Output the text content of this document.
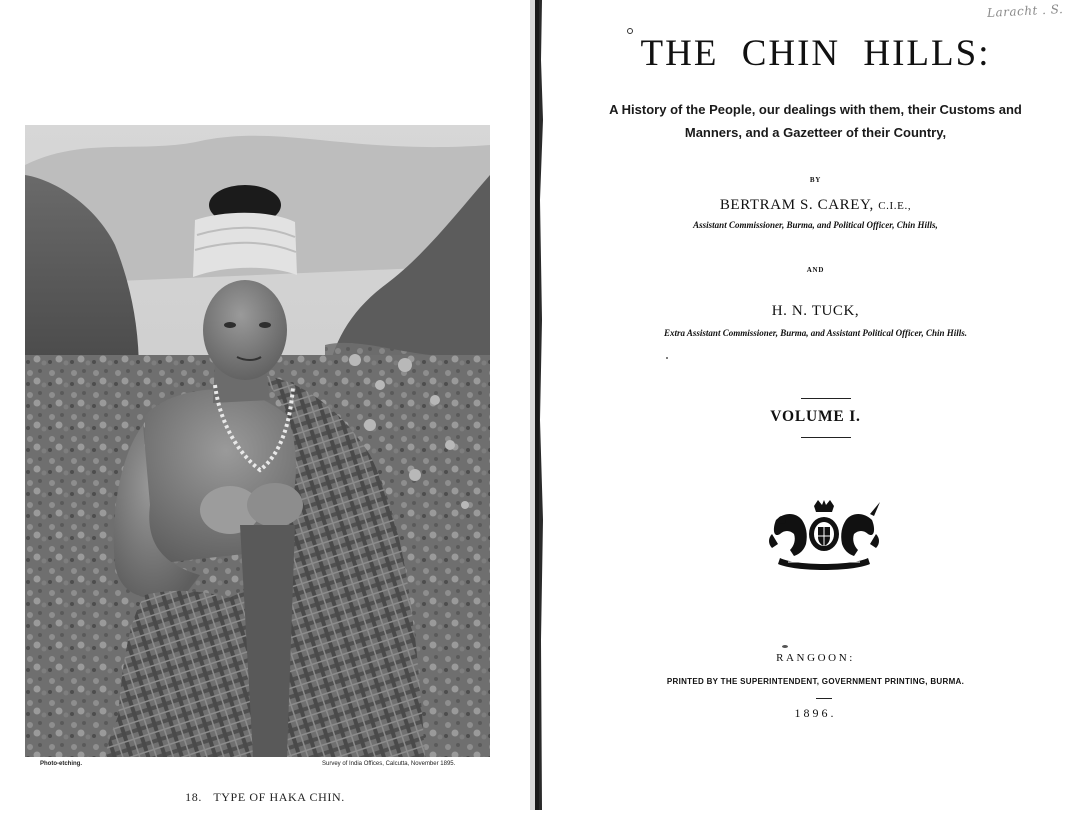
Photo-etching.	Survey of India Offices, Calcutta, November 1895.
18. TYPE OF HAKA CHIN.
Laracht . S.
THE CHIN HILLS:
A History of the People, our dealings with them, their Customs and
Manners, and a Gazetteer of their Country,
BY
BERTRAM S. CAREY, C.I.E.,
Assistant Commissioner, Burma, and Political Officer, Chin Hills,
AND
H. N. TUCK,
Extra Assistant Commissioner, Burma, and Assistant Political Officer, Chin Hills.
VOLUME I.
RANGOON:
PRINTED BY THE SUPERINTENDENT, GOVERNMENT PRINTING, BURMA.
1896.
